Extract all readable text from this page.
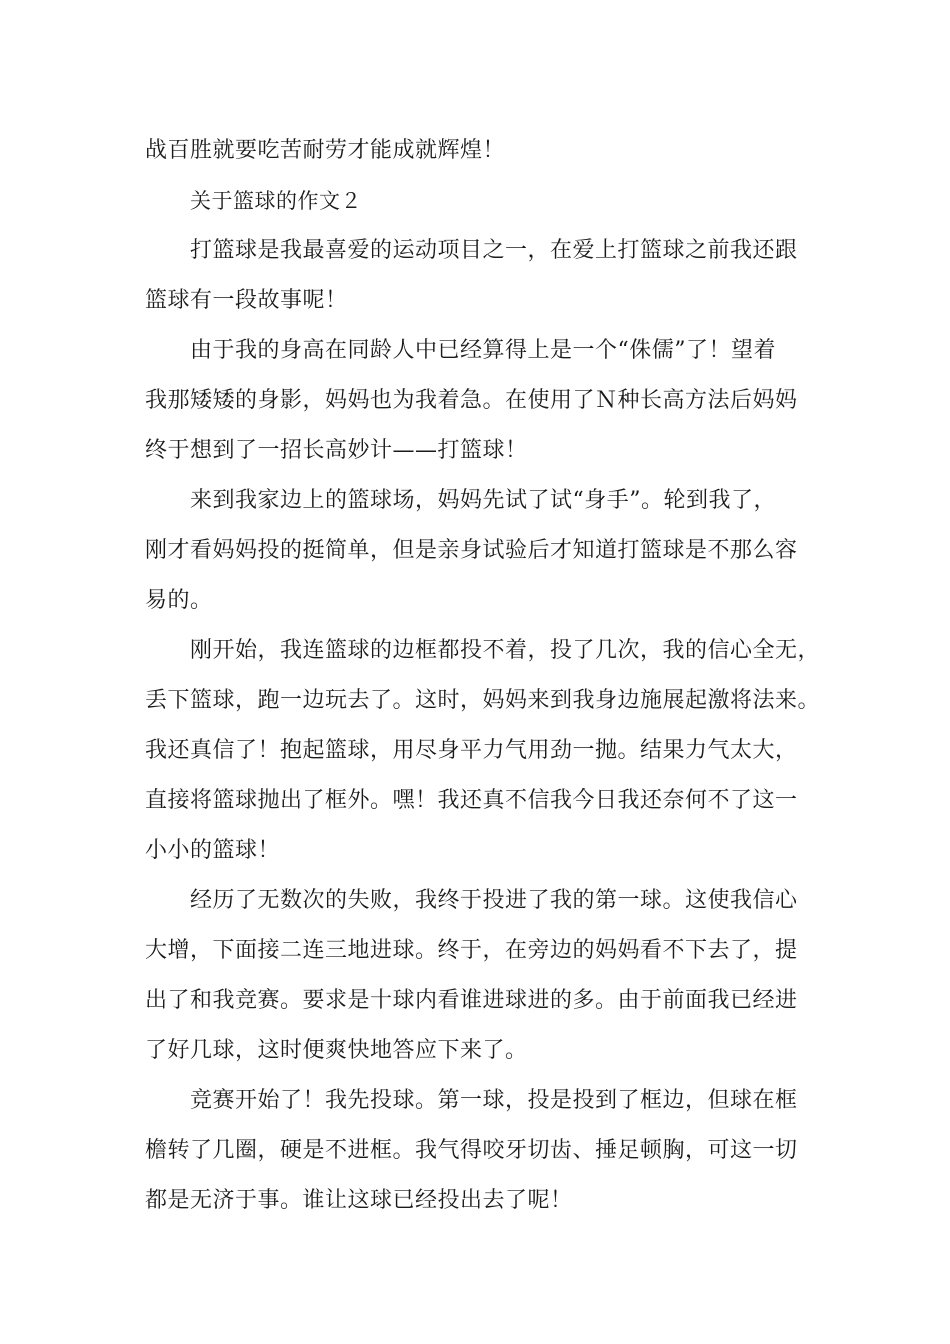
战百胜就要吃苦耐劳才能成就辉煌！

关于篮球的作文２

打篮球是我最喜爱的运动项目之一，在爱上打篮球之前我还跟
篮球有一段故事呢！

由于我的身高在同龄人中已经算得上是一个“侏儒”了！望着
我那矮矮的身影，妈妈也为我着急。在使用了Ｎ种长高方法后妈妈
终于想到了一招长高妙计——打篮球！

来到我家边上的篮球场，妈妈先试了试“身手”。轮到我了，
刚才看妈妈投的挺简单，但是亲身试验后才知道打篮球是不那么容
易的。

刚开始，我连篮球的边框都投不着，投了几次，我的信心全无，
丢下篮球，跑一边玩去了。这时，妈妈来到我身边施展起激将法来。
我还真信了！抱起篮球，用尽身平力气用劲一抛。结果力气太大，
直接将篮球抛出了框外。嘿！我还真不信我今日我还奈何不了这一
小小的篮球！

经历了无数次的失败，我终于投进了我的第一球。这使我信心
大增，下面接二连三地进球。终于，在旁边的妈妈看不下去了，提
出了和我竞赛。要求是十球内看谁进球进的多。由于前面我已经进
了好几球，这时便爽快地答应下来了。

竞赛开始了！我先投球。第一球，投是投到了框边，但球在框
檐转了几圈，硬是不进框。我气得咬牙切齿、捶足顿胸，可这一切
都是无济于事。谁让这球已经投出去了呢！
